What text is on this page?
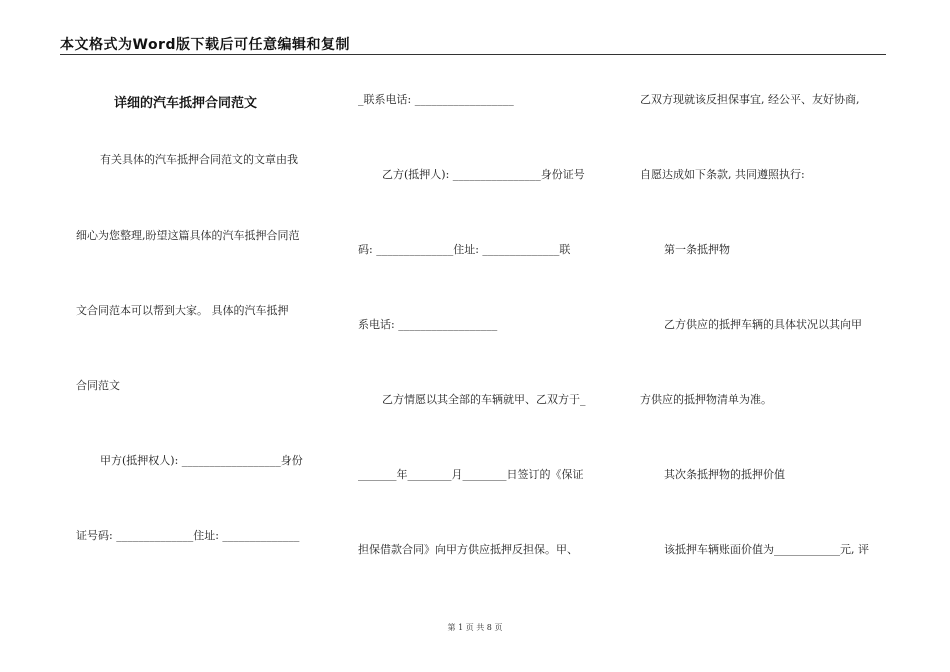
本文格式为Word版下载后可任意编辑和复制
详细的汽车抵押合同范文
有关具体的汽车抵押合同范文的文章由我
细心为您整理,盼望这篇具体的汽车抵押合同范
文合同范本可以帮到大家。 具体的汽车抵押
合同范文
甲方(抵押权人): __________________身份
证号码: ______________住址: ______________
_联系电话: __________________
乙方(抵押人): ________________身份证号
码: ______________住址: ______________联
系电话: __________________
乙方情愿以其全部的车辆就甲、乙双方于_
_______年________月________日签订的《保证
担保借款合同》向甲方供应抵押反担保。甲、
乙双方现就该反担保事宜, 经公平、友好协商,
自愿达成如下条款, 共同遵照执行:
第一条抵押物
乙方供应的抵押车辆的具体状况以其向甲
方供应的抵押物清单为准。
其次条抵押物的抵押价值
该抵押车辆账面价值为____________元, 评
第 1 页 共 8 页
